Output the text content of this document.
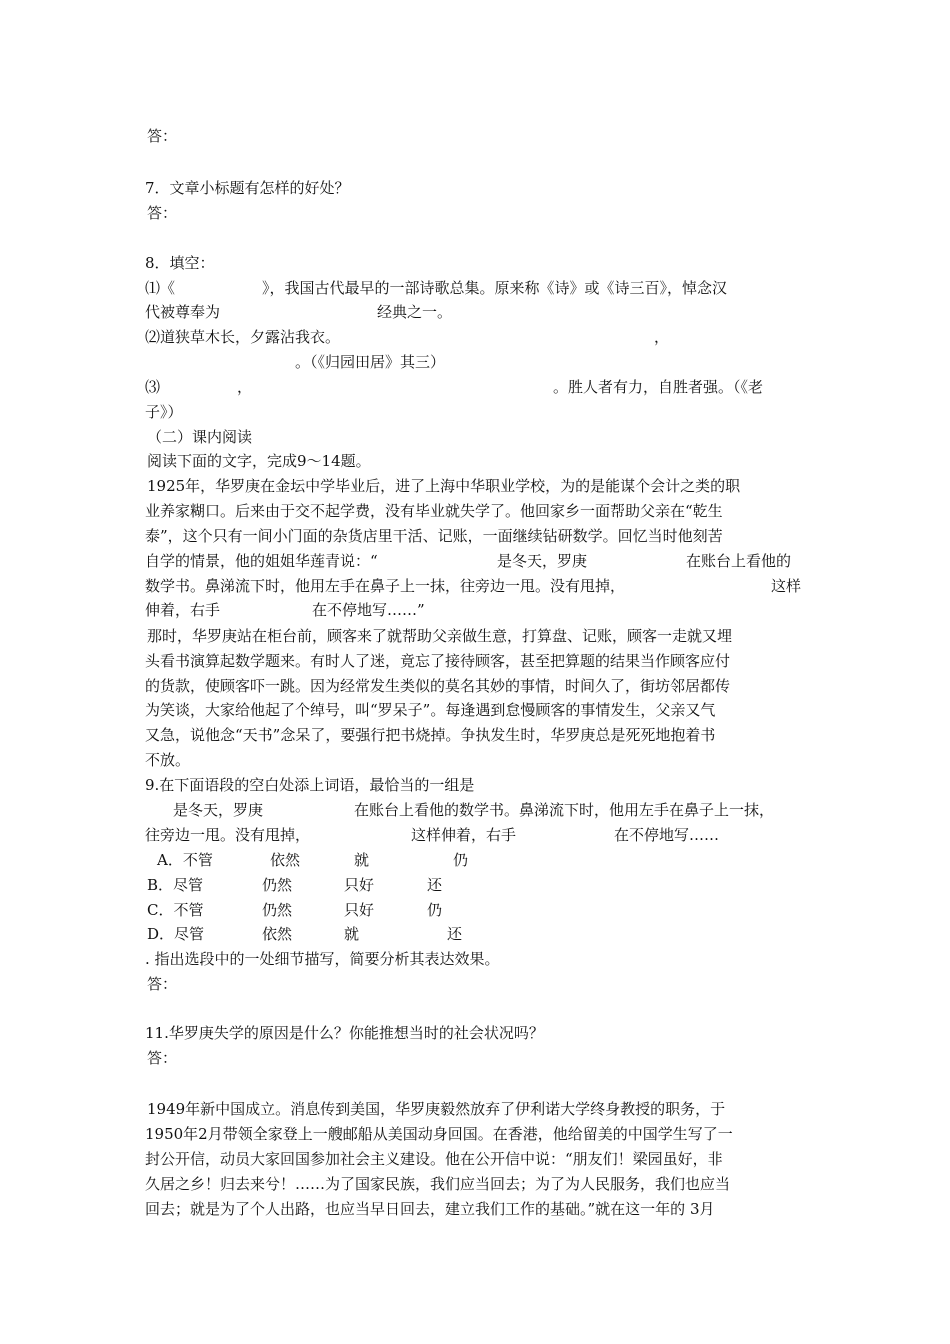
答：
7．文章小标题有怎样的好处？
答：
8．填空：
⑴《	》，我国古代最早的一部诗歌总集。原来称《诗》或《诗三百》，悼念汉
代被尊奉为	经典之一。
⑵道狭草木长，夕露沾我衣。	，
。（《归园田居》其三）
⑶	，	。胜人者有力，自胜者强。（《老
子》）
（二）课内阅读
阅读下面的文字，完成9～14题。
1925年，华罗庚在金坛中学毕业后，进了上海中华职业学校，为的是能谋个会计之类的职
业养家糊口。后来由于交不起学费，没有毕业就失学了。他回家乡一面帮助父亲在“乾生
泰”，这个只有一间小门面的杂货店里干活、记账，一面继续钻研数学。回忆当时他刻苦
自学的情景，他的姐姐华莲青说：“	是冬天，罗庚	在账台上看他的
数学书。鼻涕流下时，他用左手在鼻子上一抹，往旁边一甩。没有甩掉，	这样
伸着，右手	在不停地写……”
那时，华罗庚站在柜台前，顾客来了就帮助父亲做生意，打算盘、记账，顾客一走就又埋
头看书演算起数学题来。有时人了迷，竟忘了接待顾客，甚至把算题的结果当作顾客应付
的货款，使顾客吓一跳。因为经常发生类似的莫名其妙的事情，时间久了，街坊邻居都传
为笑谈，大家给他起了个绰号，叫“罗呆子”。每逢遇到怠慢顾客的事情发生，父亲又气
又急，说他念“天书”念呆了，要强行把书烧掉。争执发生时，华罗庚总是死死地抱着书
不放。
9.在下面语段的空白处添上词语，最恰当的一组是
是冬天，罗庚	在账台上看他的数学书。鼻涕流下时，他用左手在鼻子上一抹，
往旁边一甩。没有甩掉，	这样伸着，右手	在不停地写……
A．不管	依然	就	仍
B．尽管	仍然	只好	还
C．不管	仍然	只好	仍
D．尽管	依然	就	还
. 指出选段中的一处细节描写，简要分析其表达效果。
答：
11.华罗庚失学的原因是什么？你能推想当时的社会状况吗？
答：
1949年新中国成立。消息传到美国，华罗庚毅然放弃了伊利诺大学终身教授的职务，于
1950年2月带领全家登上一艘邮船从美国动身回国。在香港，他给留美的中国学生写了一
封公开信，动员大家回国参加社会主义建设。他在公开信中说：“朋友们！梁园虽好，非
久居之乡！归去来兮！……为了国家民族，我们应当回去；为了为人民服务，我们也应当
回去；就是为了个人出路，也应当早日回去，建立我们工作的基础。”就在这一年的 3月
